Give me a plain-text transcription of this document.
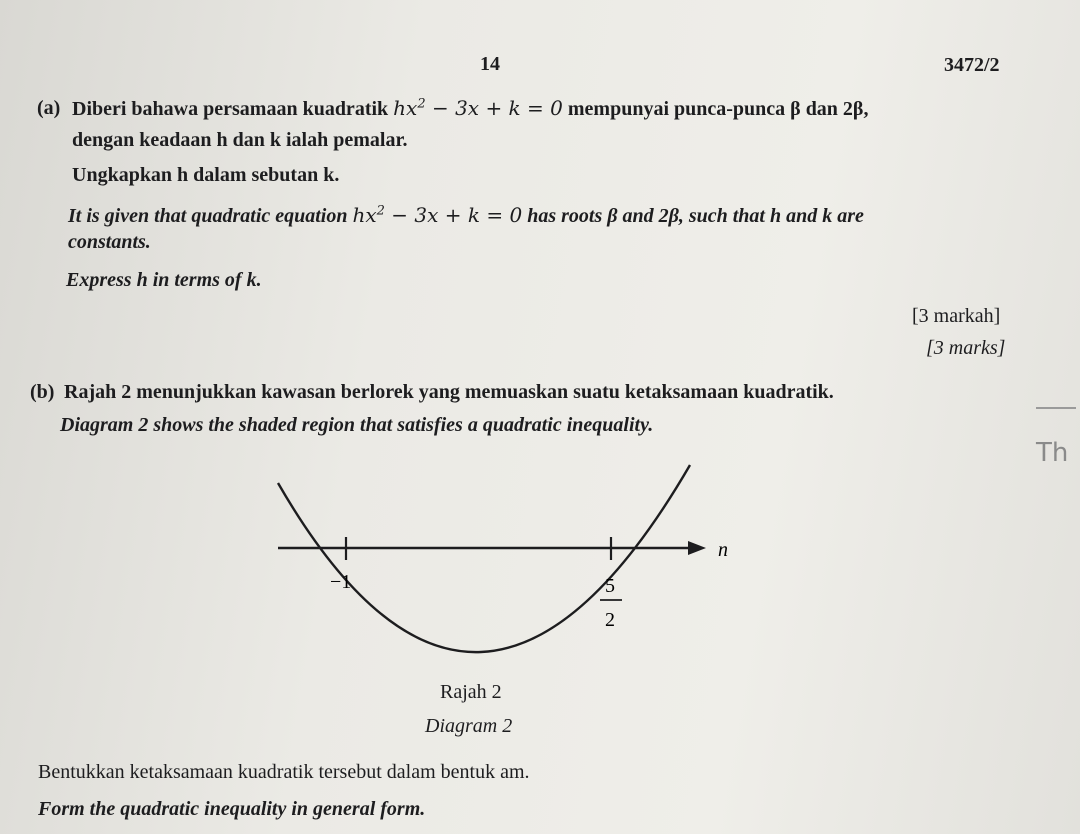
14	3472/2
(a) Diberi bahawa persamaan kuadratik $hx^2 - 3x + k = 0$ mempunyai punca-punca β dan 2β,
dengan keadaan h dan k ialah pemalar.
Ungkapkan h dalam sebutan k.
It is given that quadratic equation $hx^2 - 3x + k = 0$ has roots β and 2β, such that h and k are
constants.
Express h in terms of k.
[3 markah]
[3 marks]
(b) Rajah 2 menunjukkan kawasan berlorek yang memuaskan suatu ketaksamaan kuadratik.
Diagram 2 shows the shaded region that satisfies a quadratic inequality.
n
−1	5
2
Rajah 2
Diagram 2
Bentukkan ketaksamaan kuadratik tersebut dalam bentuk am.
Form the quadratic inequality in general form.
Th
